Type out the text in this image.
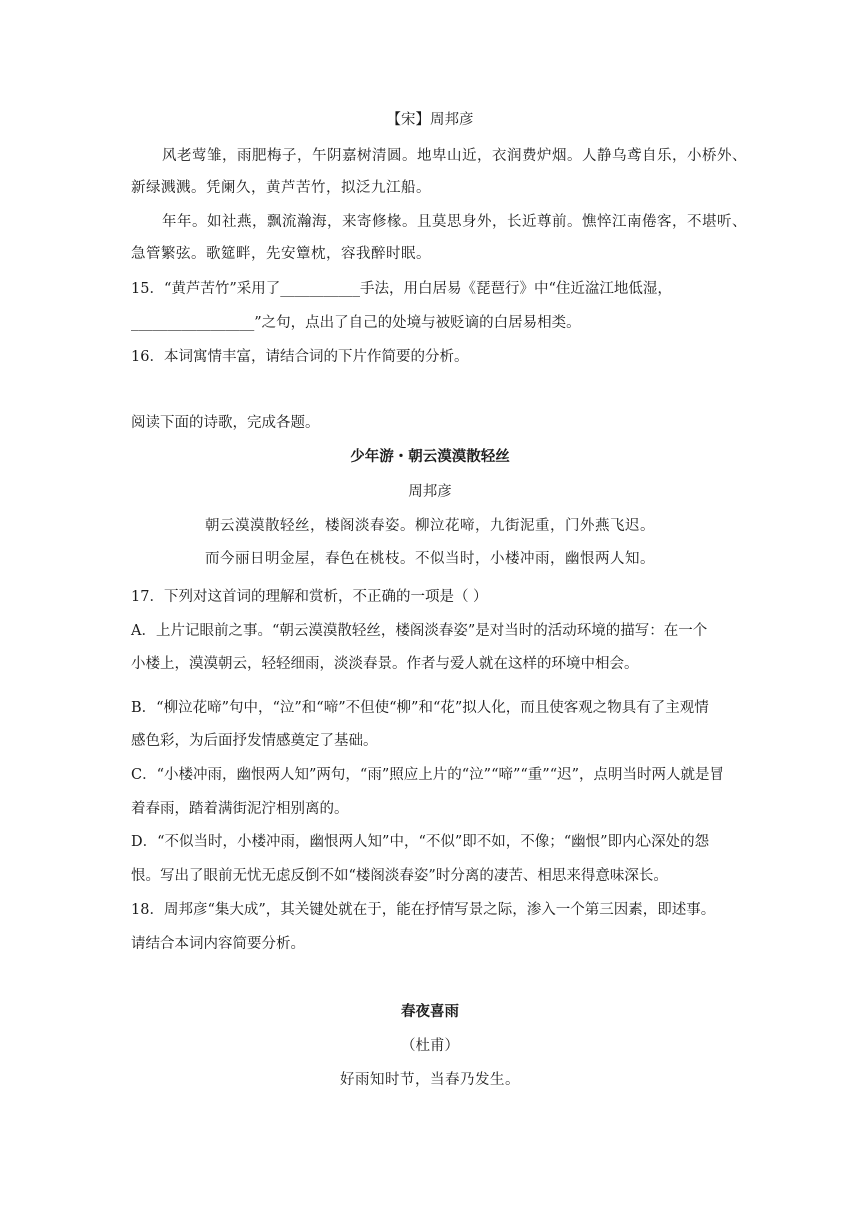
【宋】周邦彦
风老莺雏，雨肥梅子，午阴嘉树清圆。地卑山近，衣润费炉烟。人静乌鸢自乐，小桥外、
新绿溅溅。凭阑久，黄芦苦竹，拟泛九江船。
年年。如社燕，飘流瀚海，来寄修椽。且莫思身外，长近尊前。憔悴江南倦客，不堪听、
急管繁弦。歌筵畔，先安簟枕，容我醉时眠。
15．“黄芦苦竹”采用了___________手法，用白居易《琵琶行》中“住近湓江地低湿，
_________________”之句，点出了自己的处境与被贬谪的白居易相类。
16．本词寓情丰富，请结合词的下片作简要的分析。
阅读下面的诗歌，完成各题。
少年游・朝云漠漠散轻丝
周邦彦
朝云漠漠散轻丝，楼阁淡春姿。柳泣花啼，九街泥重，门外燕飞迟。
而今丽日明金屋，春色在桃枝。不似当时，小楼冲雨，幽恨两人知。
17．下列对这首词的理解和赏析，不正确的一项是（ ）
A．上片记眼前之事。“朝云漠漠散轻丝，楼阁淡春姿”是对当时的活动环境的描写：在一个
小楼上，漠漠朝云，轻轻细雨，淡淡春景。作者与爱人就在这样的环境中相会。
B．“柳泣花啼”句中，“泣”和“啼”不但使“柳”和“花”拟人化，而且使客观之物具有了主观情
感色彩，为后面抒发情感奠定了基础。
C．“小楼冲雨，幽恨两人知”两句，“雨”照应上片的“泣”“啼”“重”“迟”，点明当时两人就是冒
着春雨，踏着满街泥泞相别离的。
D．“不似当时，小楼冲雨，幽恨两人知”中，“不似”即不如，不像；“幽恨”即内心深处的怨
恨。写出了眼前无忧无虑反倒不如“楼阁淡春姿”时分离的凄苦、相思来得意味深长。
18．周邦彦“集大成”，其关键处就在于，能在抒情写景之际，渗入一个第三因素，即述事。
请结合本词内容简要分析。
春夜喜雨
（杜甫）
好雨知时节，当春乃发生。
